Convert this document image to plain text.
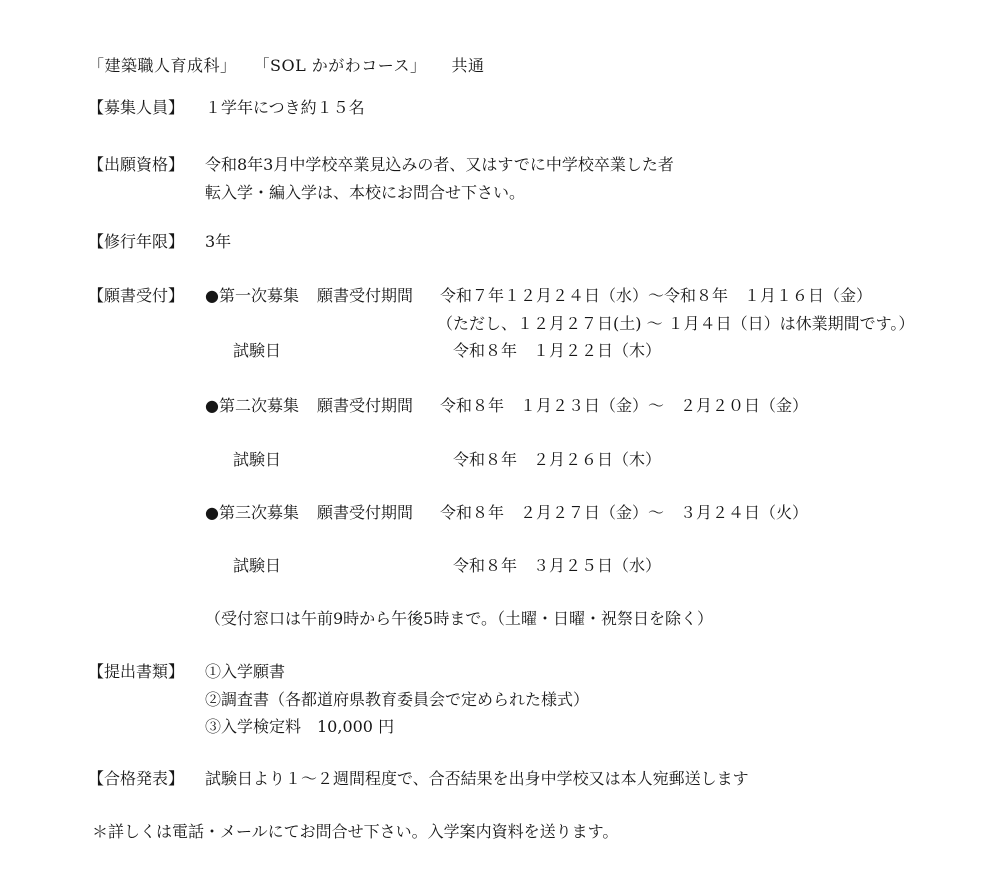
「建築職人育成科」　　「SOL かがわコース」　　共通
【募集人員】	１学年につき約１５名
【出願資格】	令和8年3月中学校卒業見込みの者、又はすでに中学校卒業した者
転入学・編入学は、本校にお問合せ下さい。
【修行年限】	3年
【願書受付】	●第一次募集	願書受付期間	令和７年１２月２４日（水）～令和８年　１月１６日（金）
（ただし、１２月２７日(土) ～ １月４日（日）は休業期間です。）
試験日	令和８年　１月２２日（木）
●第二次募集	願書受付期間	令和８年　１月２３日（金）～　２月２０日（金）
試験日	令和８年　２月２６日（木）
●第三次募集	願書受付期間	令和８年　２月２７日（金）～　３月２４日（火）
試験日	令和８年　３月２５日（水）
（受付窓口は午前9時から午後5時まで。（土曜・日曜・祝祭日を除く）
【提出書類】	①入学願書
②調査書（各都道府県教育委員会で定められた様式）
③入学検定料　10,000 円
【合格発表】	試験日より１～２週間程度で、合否結果を出身中学校又は本人宛郵送します
＊詳しくは電話・メールにてお問合せ下さい。入学案内資料を送ります。
